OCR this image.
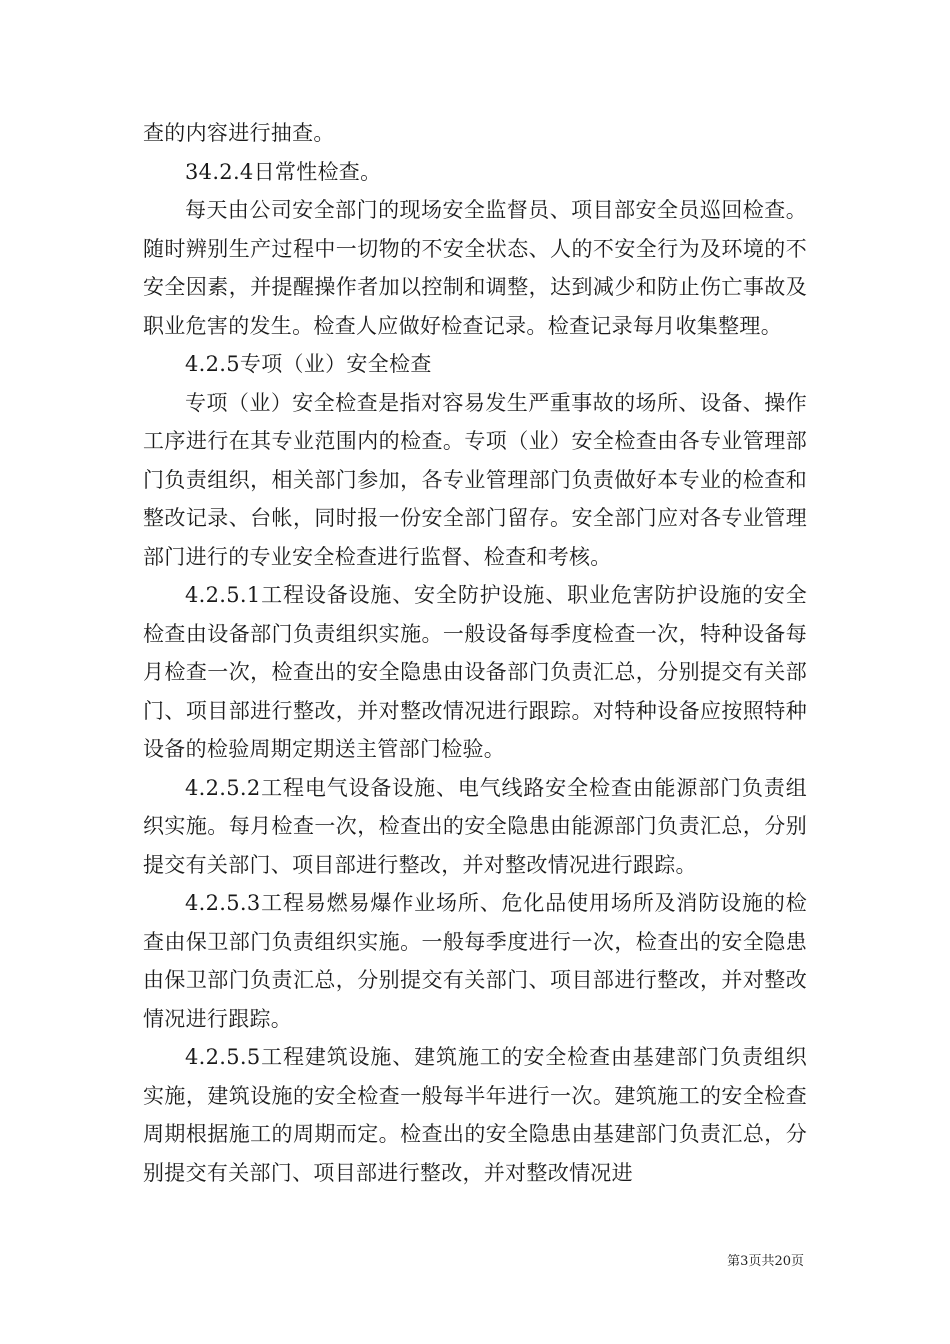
查的内容进行抽查。

34.2.4日常性检查。

每天由公司安全部门的现场安全监督员、项目部安全员巡回检查。随时辨别生产过程中一切物的不安全状态、人的不安全行为及环境的不安全因素，并提醒操作者加以控制和调整，达到减少和防止伤亡事故及职业危害的发生。检查人应做好检查记录。检查记录每月收集整理。

4.2.5专项（业）安全检查

专项（业）安全检查是指对容易发生严重事故的场所、设备、操作工序进行在其专业范围内的检查。专项（业）安全检查由各专业管理部门负责组织，相关部门参加，各专业管理部门负责做好本专业的检查和整改记录、台帐，同时报一份安全部门留存。安全部门应对各专业管理部门进行的专业安全检查进行监督、检查和考核。

4.2.5.1工程设备设施、安全防护设施、职业危害防护设施的安全检查由设备部门负责组织实施。一般设备每季度检查一次，特种设备每月检查一次，检查出的安全隐患由设备部门负责汇总，分别提交有关部门、项目部进行整改，并对整改情况进行跟踪。对特种设备应按照特种设备的检验周期定期送主管部门检验。

4.2.5.2工程电气设备设施、电气线路安全检查由能源部门负责组织实施。每月检查一次，检查出的安全隐患由能源部门负责汇总，分别提交有关部门、项目部进行整改，并对整改情况进行跟踪。

4.2.5.3工程易燃易爆作业场所、危化品使用场所及消防设施的检查由保卫部门负责组织实施。一般每季度进行一次，检查出的安全隐患由保卫部门负责汇总，分别提交有关部门、项目部进行整改，并对整改情况进行跟踪。

4.2.5.5工程建筑设施、建筑施工的安全检查由基建部门负责组织实施，建筑设施的安全检查一般每半年进行一次。建筑施工的安全检查周期根据施工的周期而定。检查出的安全隐患由基建部门负责汇总，分别提交有关部门、项目部进行整改，并对整改情况进

第3页共20页
